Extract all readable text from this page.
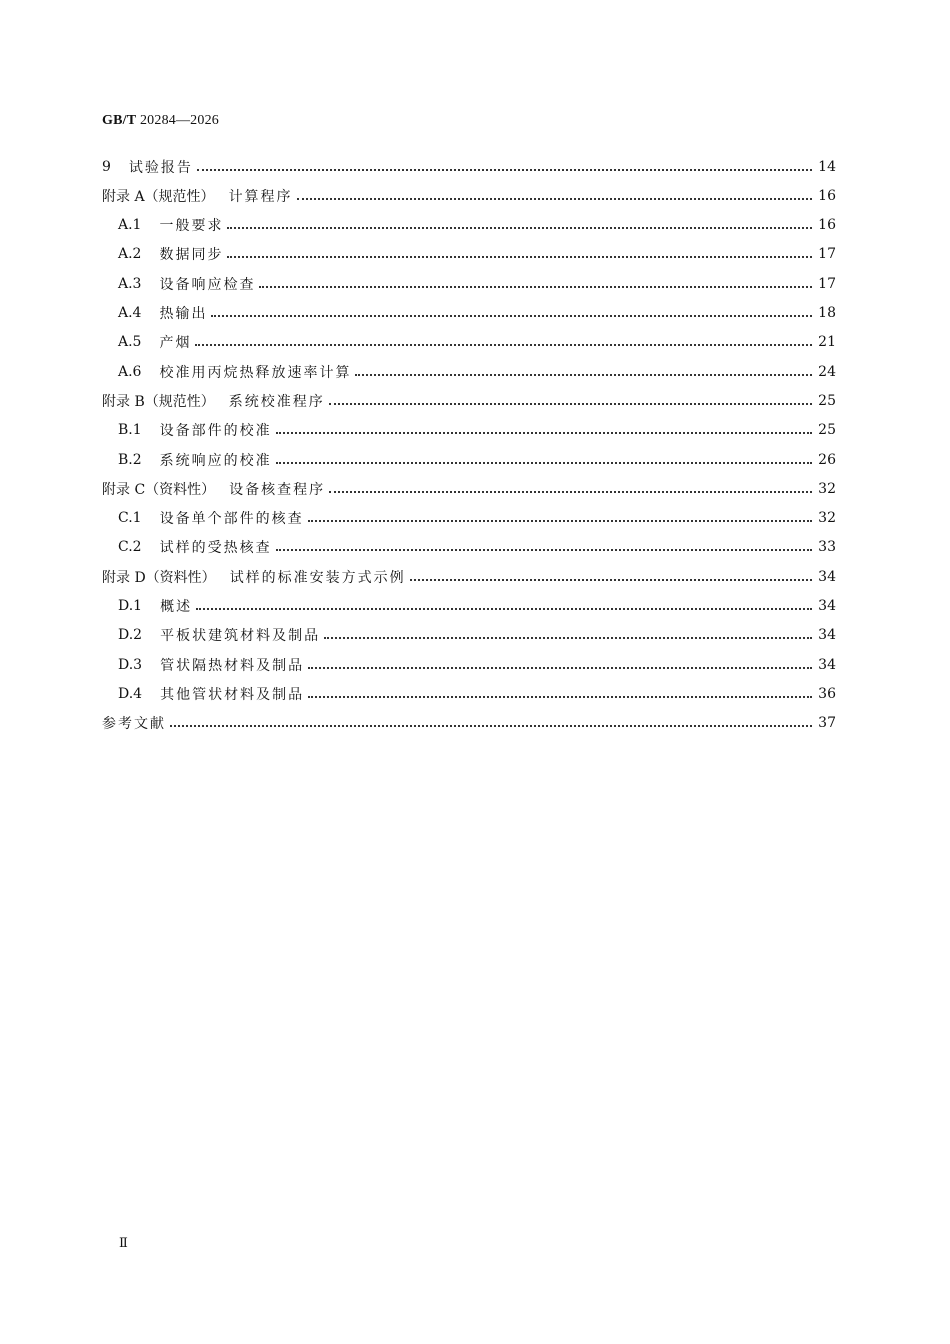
GB/T 20284—2026
9 试验报告	14
附录 A（规范性） 计算程序	16
A.1 一般要求	16
A.2 数据同步	17
A.3 设备响应检查	17
A.4 热输出	18
A.5 产烟	21
A.6 校准用丙烷热释放速率计算	24
附录 B（规范性） 系统校准程序	25
B.1 设备部件的校准	25
B.2 系统响应的校准	26
附录 C（资料性） 设备核查程序	32
C.1 设备单个部件的核查	32
C.2 试样的受热核查	33
附录 D（资料性） 试样的标准安装方式示例	34
D.1 概述	34
D.2 平板状建筑材料及制品	34
D.3 管状隔热材料及制品	34
D.4 其他管状材料及制品	36
参考文献	37
Ⅱ
